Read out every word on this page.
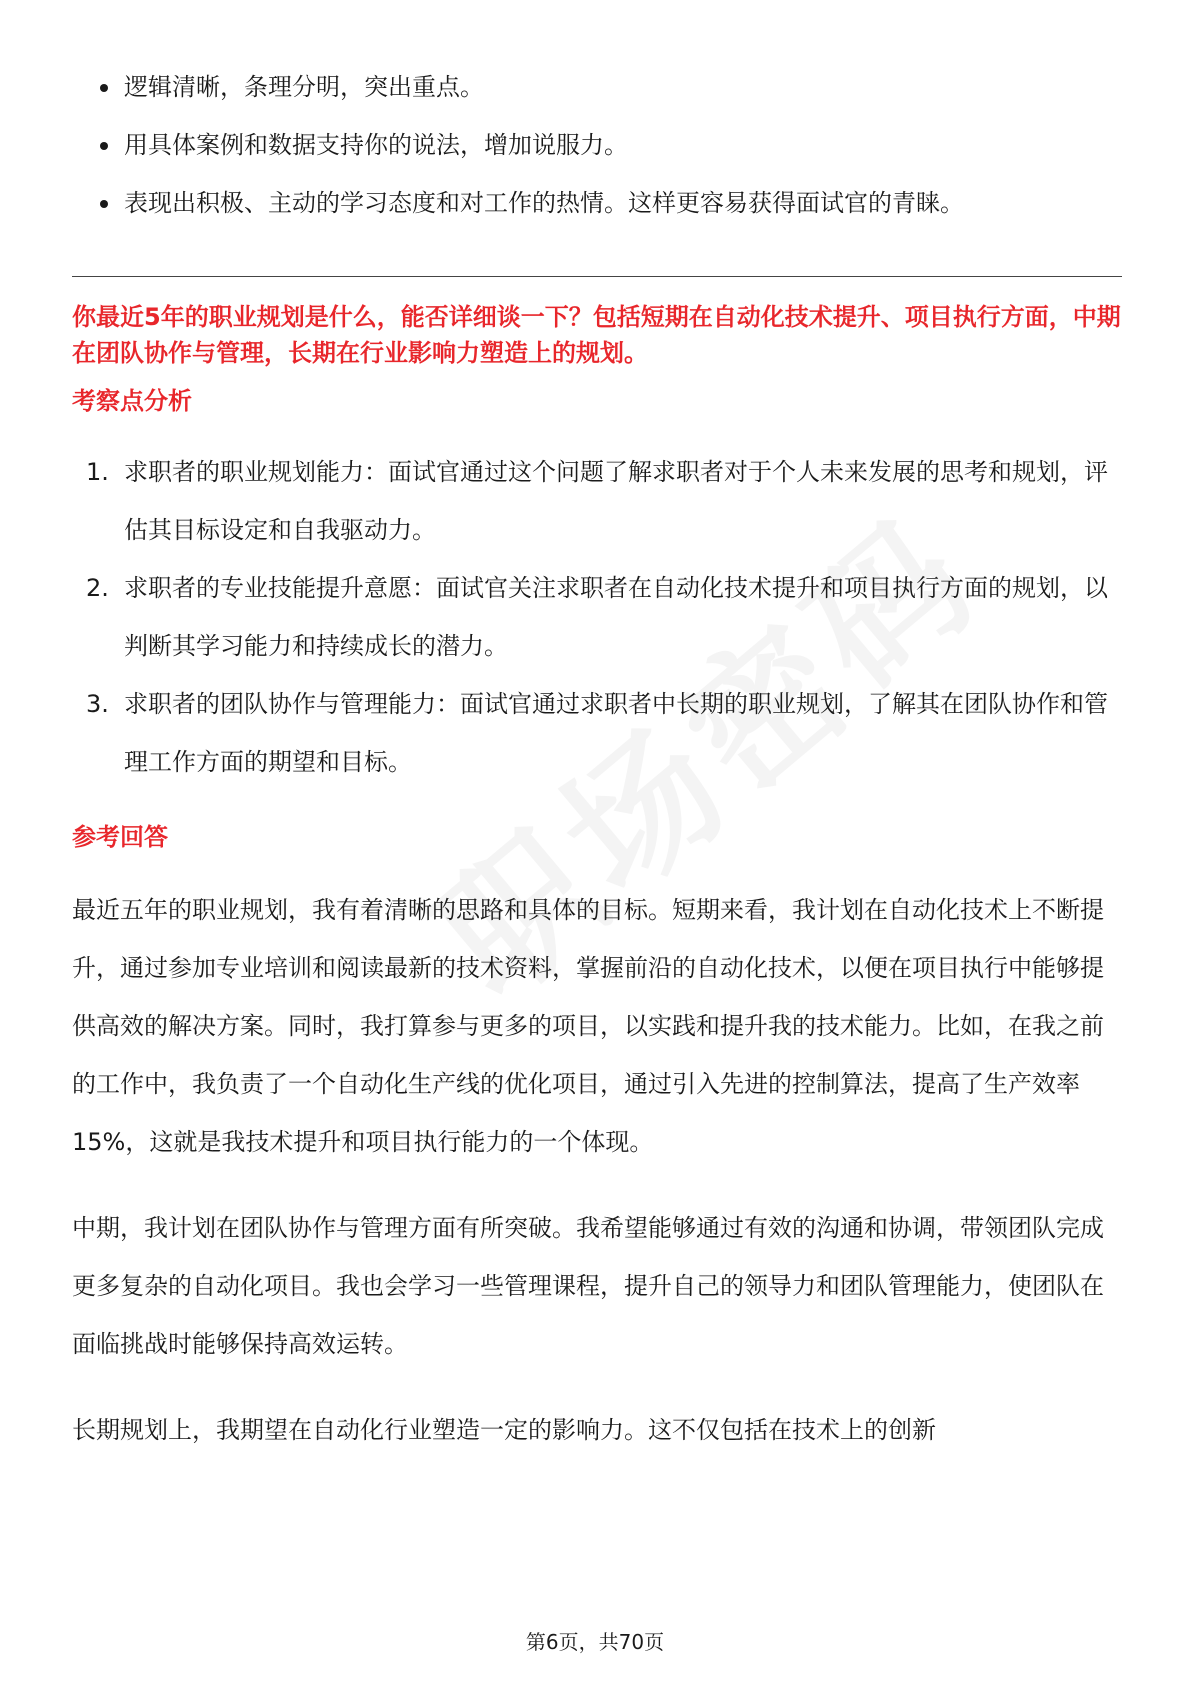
逻辑清晰，条理分明，突出重点。
用具体案例和数据支持你的说法，增加说服力。
表现出积极、主动的学习态度和对工作的热情。这样更容易获得面试官的青睐。
你最近5年的职业规划是什么，能否详细谈一下？包括短期在自动化技术提升、项目执行方面，中期在团队协作与管理，长期在行业影响力塑造上的规划。
考察点分析
1. 求职者的职业规划能力：面试官通过这个问题了解求职者对于个人未来发展的思考和规划，评估其目标设定和自我驱动力。
2. 求职者的专业技能提升意愿：面试官关注求职者在自动化技术提升和项目执行方面的规划，以判断其学习能力和持续成长的潜力。
3. 求职者的团队协作与管理能力：面试官通过求职者中长期的职业规划，了解其在团队协作和管理工作方面的期望和目标。
参考回答

最近五年的职业规划，我有着清晰的思路和具体的目标。短期来看，我计划在自动化技术上不断提升，通过参加专业培训和阅读最新的技术资料，掌握前沿的自动化技术，以便在项目执行中能够提供高效的解决方案。同时，我打算参与更多的项目，以实践和提升我的技术能力。比如，在我之前的工作中，我负责了一个自动化生产线的优化项目，通过引入先进的控制算法，提高了生产效率15%，这就是我技术提升和项目执行能力的一个体现。

中期，我计划在团队协作与管理方面有所突破。我希望能够通过有效的沟通和协调，带领团队完成更多复杂的自动化项目。我也会学习一些管理课程，提升自己的领导力和团队管理能力，使团队在面临挑战时能够保持高效运转。

长期规划上，我期望在自动化行业塑造一定的影响力。这不仅包括在技术上的创新

第6页，共70页
